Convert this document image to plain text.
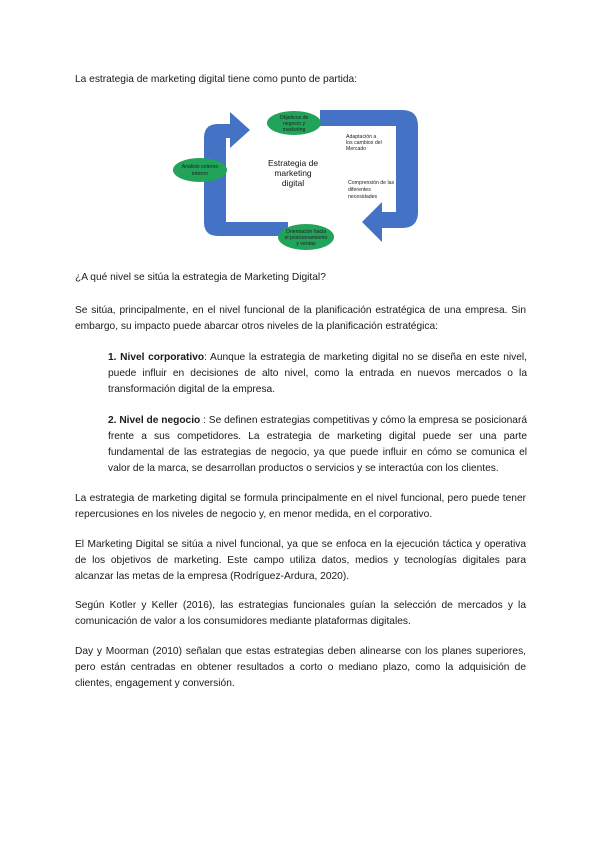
La estrategia de marketing digital tiene como punto de partida:
Objetivos de
negocio y
marketing
Análisis externo
interno
Orientación hacia
el posicionamiento
y ventas
Estrategia de
marketing
digital
Adaptación a
los cambios del
Mercado
Comprensión de las
diferentes
necesidades
¿A qué nivel se sitúa la estrategia de Marketing Digital?
Se sitúa, principalmente, en el nivel funcional de la planificación estratégica de una empresa. Sin embargo, su impacto puede abarcar otros niveles de la planificación estratégica:
1. Nivel corporativo: Aunque la estrategia de marketing digital no se diseña en este nivel, puede influir en decisiones de alto nivel, como la entrada en nuevos mercados o la transformación digital de la empresa.
2. Nivel de negocio : Se definen estrategias competitivas y cómo la empresa se posicionará frente a sus competidores. La estrategia de marketing digital puede ser una parte fundamental de las estrategias de negocio, ya que puede influir en cómo se comunica el valor de la marca, se desarrollan productos o servicios y se interactúa con los clientes.
La estrategia de marketing digital se formula principalmente en el nivel funcional, pero puede tener repercusiones en los niveles de negocio y, en menor medida, en el corporativo.
El Marketing Digital se sitúa a nivel funcional, ya que se enfoca en la ejecución táctica y operativa de los objetivos de marketing. Este campo utiliza datos, medios y tecnologías digitales para alcanzar las metas de la empresa (Rodríguez-Ardura, 2020).
Según Kotler y Keller (2016), las estrategias funcionales guían la selección de mercados y la comunicación de valor a los consumidores mediante plataformas digitales.
Day y Moorman (2010) señalan que estas estrategias deben alinearse con los planes superiores, pero están centradas en obtener resultados a corto o mediano plazo, como la adquisición de clientes, engagement y conversión.
